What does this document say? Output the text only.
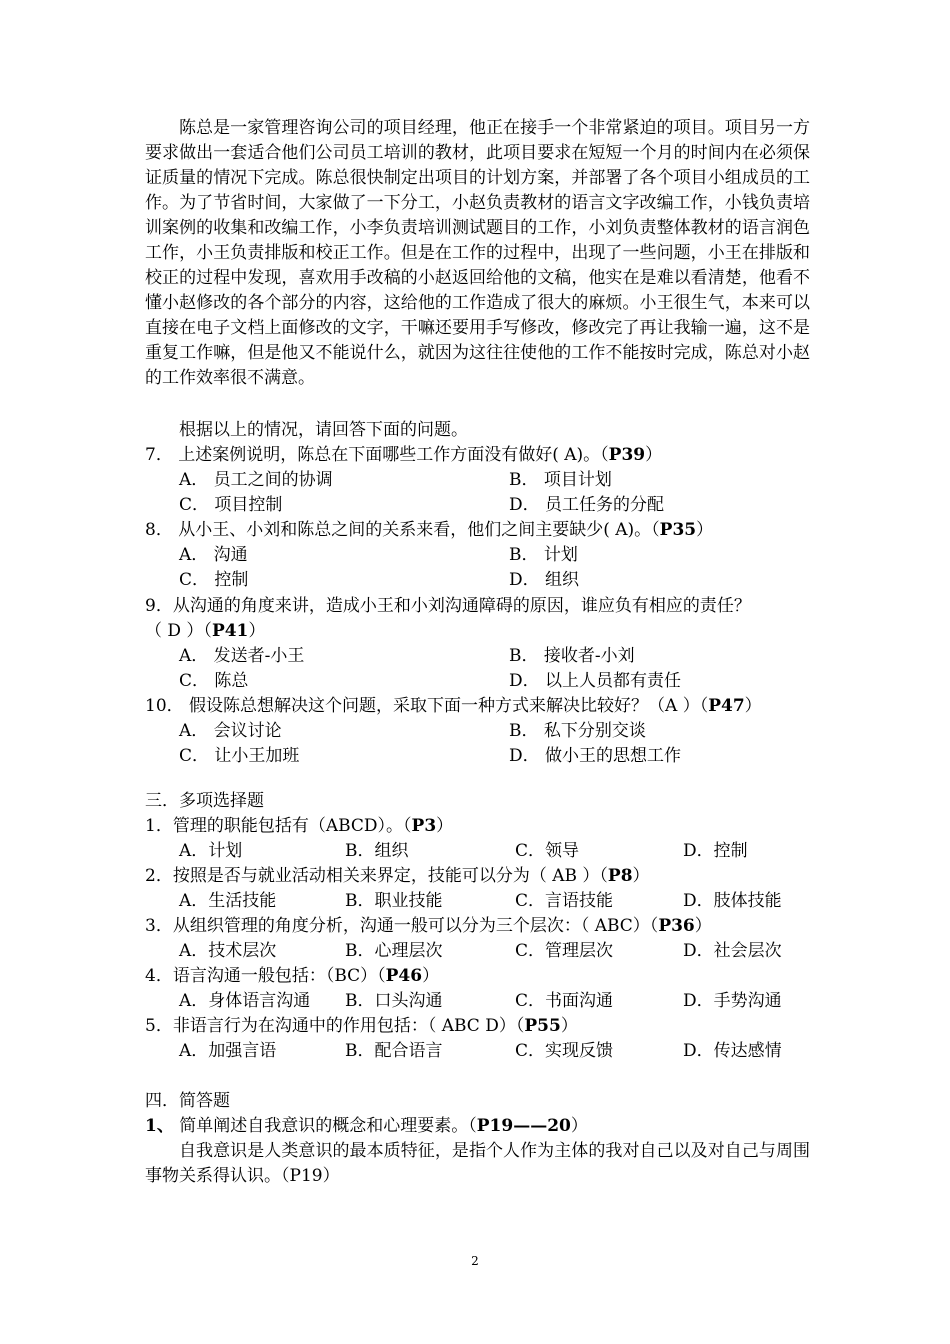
陈总是一家管理咨询公司的项目经理，他正在接手一个非常紧迫的项目。项目另一方要求做出一套适合他们公司员工培训的教材，此项目要求在短短一个月的时间内在必须保证质量的情况下完成。陈总很快制定出项目的计划方案，并部署了各个项目小组成员的工作。为了节省时间，大家做了一下分工，小赵负责教材的语言文字改编工作，小钱负责培训案例的收集和改编工作，小李负责培训测试题目的工作，小刘负责整体教材的语言润色工作，小王负责排版和校正工作。但是在工作的过程中，出现了一些问题，小王在排版和校正的过程中发现，喜欢用手改稿的小赵返回给他的文稿，他实在是难以看清楚，他看不懂小赵修改的各个部分的内容，这给他的工作造成了很大的麻烦。小王很生气，本来可以直接在电子文档上面修改的文字，干嘛还要用手写修改，修改完了再让我输一遍，这不是重复工作嘛，但是他又不能说什么，就因为这往往使他的工作不能按时完成，陈总对小赵的工作效率很不满意。

根据以上的情况，请回答下面的问题。
7． 上述案例说明，陈总在下面哪些工作方面没有做好( A)。（P39）
A． 员工之间的协调	B． 项目计划
C． 项目控制	D． 员工任务的分配
8． 从小王、小刘和陈总之间的关系来看，他们之间主要缺少( A)。（P35）
A． 沟通	B． 计划
C． 控制	D． 组织
9．从沟通的角度来讲，造成小王和小刘沟通障碍的原因，谁应负有相应的责任？
（ D ）（P41）
A． 发送者-小王	B． 接收者-小刘
C． 陈总	D． 以上人员都有责任
10． 假设陈总想解决这个问题，采取下面一种方式来解决比较好？（A ）（P47）
A． 会议讨论	B． 私下分别交谈
C． 让小王加班	D． 做小王的思想工作
三．多项选择题
1．管理的职能包括有（ABCD）。（P3）
A．计划	B．组织	C．领导	D．控制
2．按照是否与就业活动相关来界定，技能可以分为（ AB ）（P8）
A．生活技能	B．职业技能	C．言语技能	D．肢体技能
3．从组织管理的角度分析，沟通一般可以分为三个层次：（ ABC）（P36）
A．技术层次	B．心理层次	C．管理层次	D．社会层次
4．语言沟通一般包括：（BC）（P46）
A．身体语言沟通 B．口头沟通	C．书面沟通	D．手势沟通
5．非语言行为在沟通中的作用包括：（ ABC D）（P55）
A．加强言语	B．配合语言	C．实现反馈	D．传达感情
四．简答题
1、 简单阐述自我意识的概念和心理要素。（P19——20）

自我意识是人类意识的最本质特征，是指个人作为主体的我对自己以及对自己与周围事物关系得认识。（P19）

2
